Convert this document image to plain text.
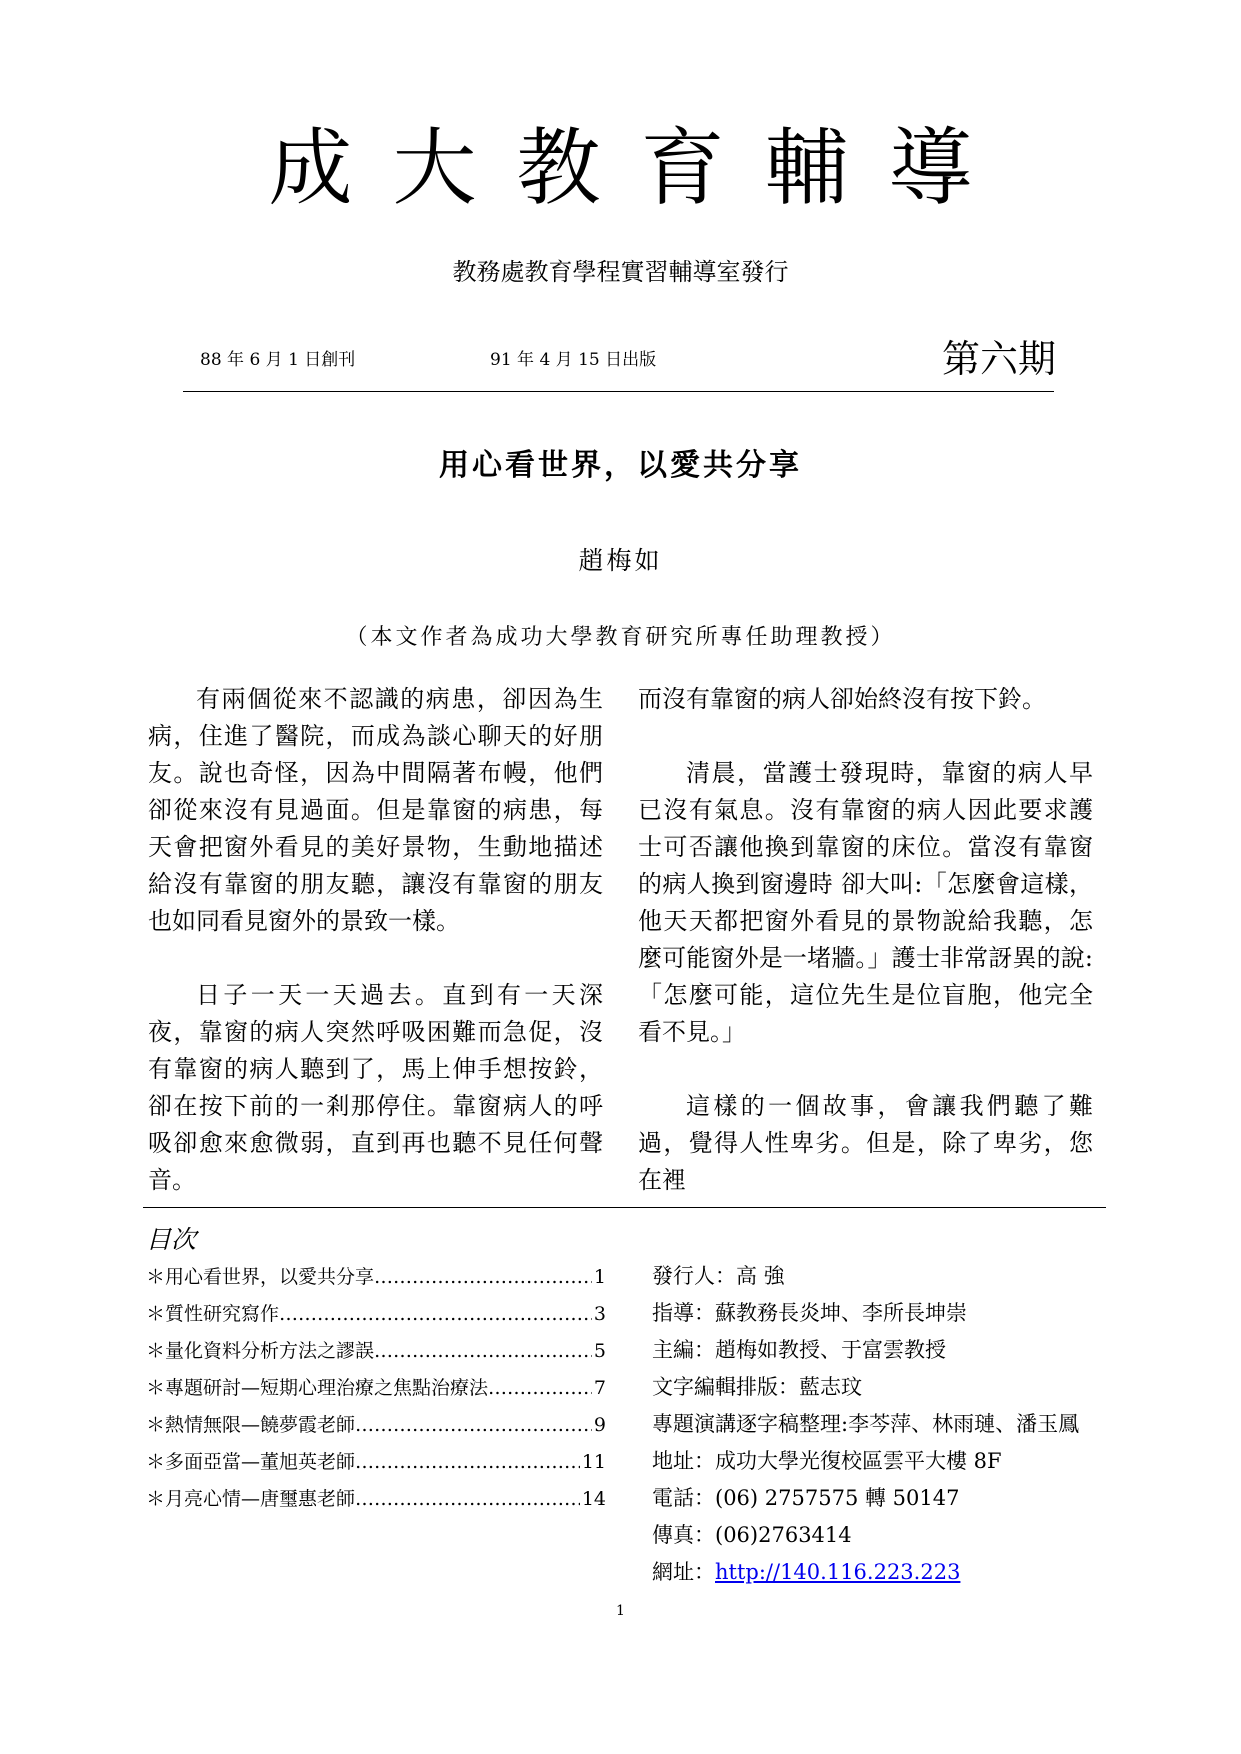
成大教育輔導
教務處教育學程實習輔導室發行
88 年 6 月 1 日創刊	91 年 4 月 15 日出版	第六期
用心看世界，以愛共分享
趙梅如
（本文作者為成功大學教育研究所專任助理教授）

有兩個從來不認識的病患，卻因為生病，住進了醫院，而成為談心聊天的好朋友。說也奇怪，因為中間隔著布幔，他們卻從來沒有見過面。但是靠窗的病患，每天會把窗外看見的美好景物，生動地描述給沒有靠窗的朋友聽，讓沒有靠窗的朋友也如同看見窗外的景致一樣。

日子一天一天過去。直到有一天深夜，靠窗的病人突然呼吸困難而急促，沒有靠窗的病人聽到了，馬上伸手想按鈴，卻在按下前的一剎那停住。靠窗病人的呼吸卻愈來愈微弱，直到再也聽不見任何聲音。

而沒有靠窗的病人卻始終沒有按下鈴。

清晨，當護士發現時，靠窗的病人早已沒有氣息。沒有靠窗的病人因此要求護士可否讓他換到靠窗的床位。當沒有靠窗的病人換到窗邊時 卻大叫:「怎麼會這樣，他天天都把窗外看見的景物說給我聽，怎麼可能窗外是一堵牆。」護士非常訝異的說:「怎麼可能，這位先生是位盲胞，他完全看不見。」

這樣的一個故事，會讓我們聽了難過，覺得人性卑劣。但是，除了卑劣，您在裡

目次
＊用心看世界，以愛共分享 ………………………………………………………………………………	1
＊質性研究寫作 ………………………………………………………………………………	3
＊量化資料分析方法之謬誤 ………………………………………………………………………………	5
＊專題研討—短期心理治療之焦點治療法 ………………………………………………………………………………	7
＊熱情無限—饒夢霞老師 ………………………………………………………………………………	9
＊多面亞當—董旭英老師 ………………………………………………………………………………	11
＊月亮心情—唐璽惠老師 ………………………………………………………………………………	14
發行人：高 強
指導：蘇教務長炎坤、李所長坤崇
主編：趙梅如教授、于富雲教授
文字編輯排版：藍志玟
專題演講逐字稿整理:李芩萍、林雨璉、潘玉鳳
地址：成功大學光復校區雲平大樓 8F
電話：(06) 2757575 轉 50147
傳真：(06)2763414
網址：http://140.116.223.223
1
